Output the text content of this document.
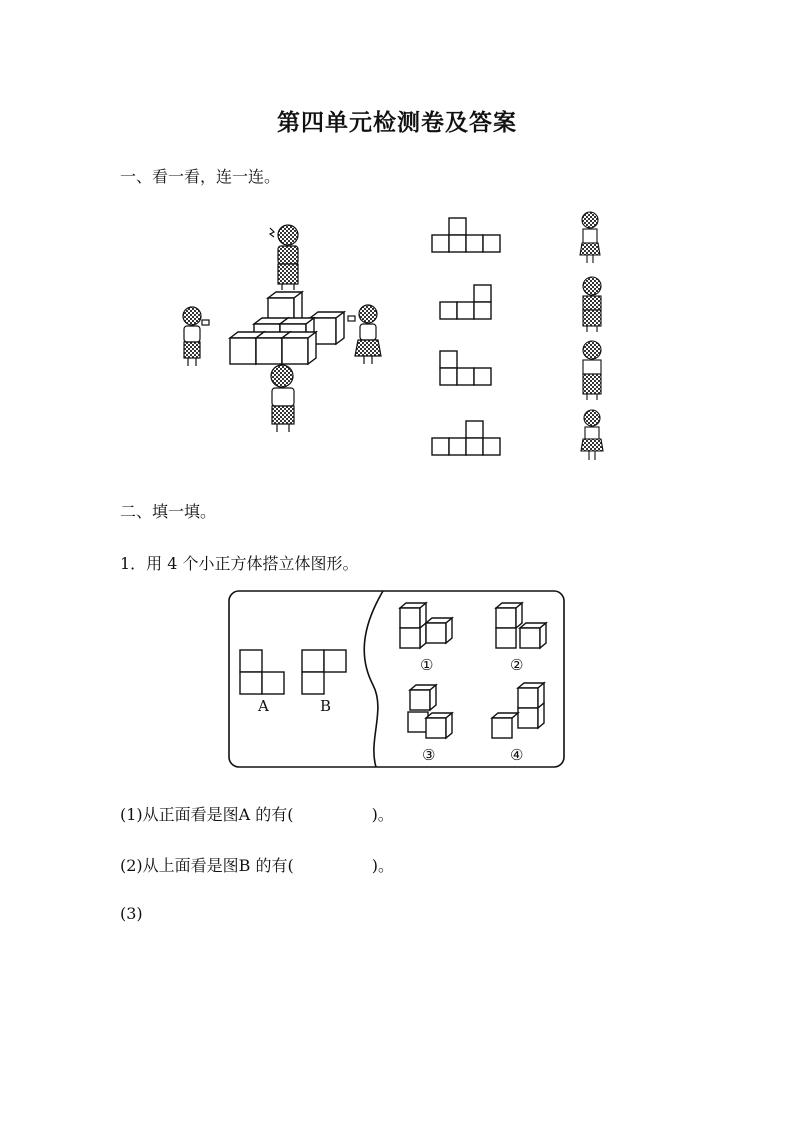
第四单元检测卷及答案
一、看一看，连一连。
二、填一填。
1．用 4 个小正方体搭立体图形。
A	B
①	②
③	④
(1)从正面看是图A 的有(	)。
(2)从上面看是图B 的有(	)。
(3)
